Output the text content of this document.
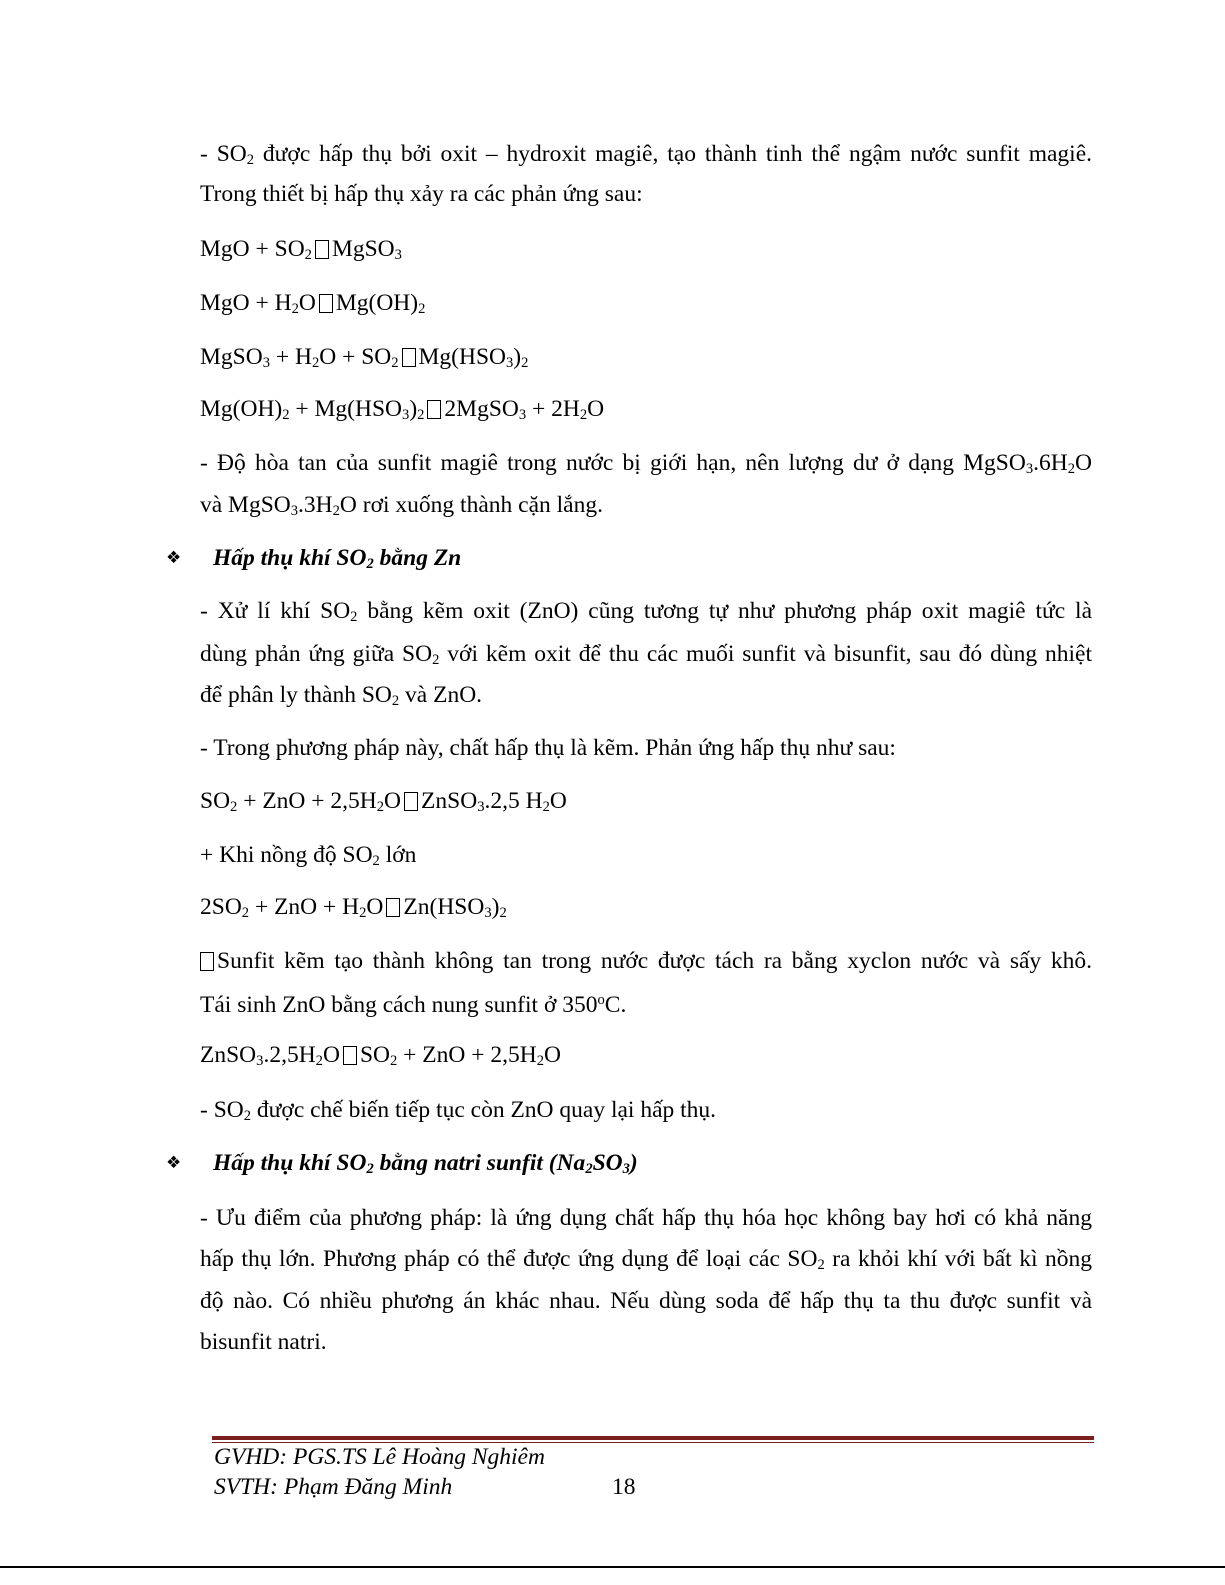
- $SO_2$ được hấp thụ bởi oxit – hydroxit magiê, tạo thành tinh thể ngậm nước sunfit magiê.
Trong thiết bị hấp thụ xảy ra các phản ứng sau:
MgO + $SO_2$ MgSO$_3$
MgO + $H_2O$ $Mg(OH)_2$
MgSO$_3$ + $H_2O + SO_2$ $Mg(HSO_3)_2$
$Mg(OH)_2 + Mg(HSO_3)_2$ 2MgSO$_3$ + $2H_2O$
- Độ hòa tan của sunfit magiê trong nước bị giới hạn, nên lượng dư ở dạng $MgSO_3.6H_2O$
và $MgSO_3.3H_2O$ rơi xuống thành cặn lắng.
❖ Hấp thụ khí $SO_2$ bằng Zn
- Xử lí khí $SO_2$ bằng kẽm oxit (ZnO) cũng tương tự như phương pháp oxit magiê tức là
dùng phản ứng giữa $SO_2$ với kẽm oxit để thu các muối sunfit và bisunfit, sau đó dùng nhiệt
để phân ly thành $SO_2$ và ZnO.
- Trong phương pháp này, chất hấp thụ là kẽm. Phản ứng hấp thụ như sau:
$SO_2$ + ZnO + $2,5H_2O$ ZnSO$_3$.2,5 $H_2O$
+ Khi nồng độ $SO_2$ lớn
$2SO_2$ + ZnO + $H_2O$ $Zn(HSO_3)_2$
Sunfit kẽm tạo thành không tan trong nước được tách ra bằng xyclon nước và sấy khô.
Tái sinh ZnO bằng cách nung sunfit ở 350$^o$C.
$ZnSO_3.2,5H_2O$ $SO_2$ + ZnO + $2,5H_2O$
- $SO_2$ được chế biến tiếp tục còn ZnO quay lại hấp thụ.
❖ Hấp thụ khí $SO_2$ bằng natri sunfit $(Na_2SO_3)$
- Ưu điểm của phương pháp: là ứng dụng chất hấp thụ hóa học không bay hơi có khả năng
hấp thụ lớn. Phương pháp có thể được ứng dụng để loại các $SO_2$ ra khỏi khí với bất kì nồng
độ nào. Có nhiều phương án khác nhau. Nếu dùng soda để hấp thụ ta thu được sunfit và
bisunfit natri.
GVHD: PGS.TS Lê Hoàng Nghiêm
SVTH: Phạm Đăng Minh	18
